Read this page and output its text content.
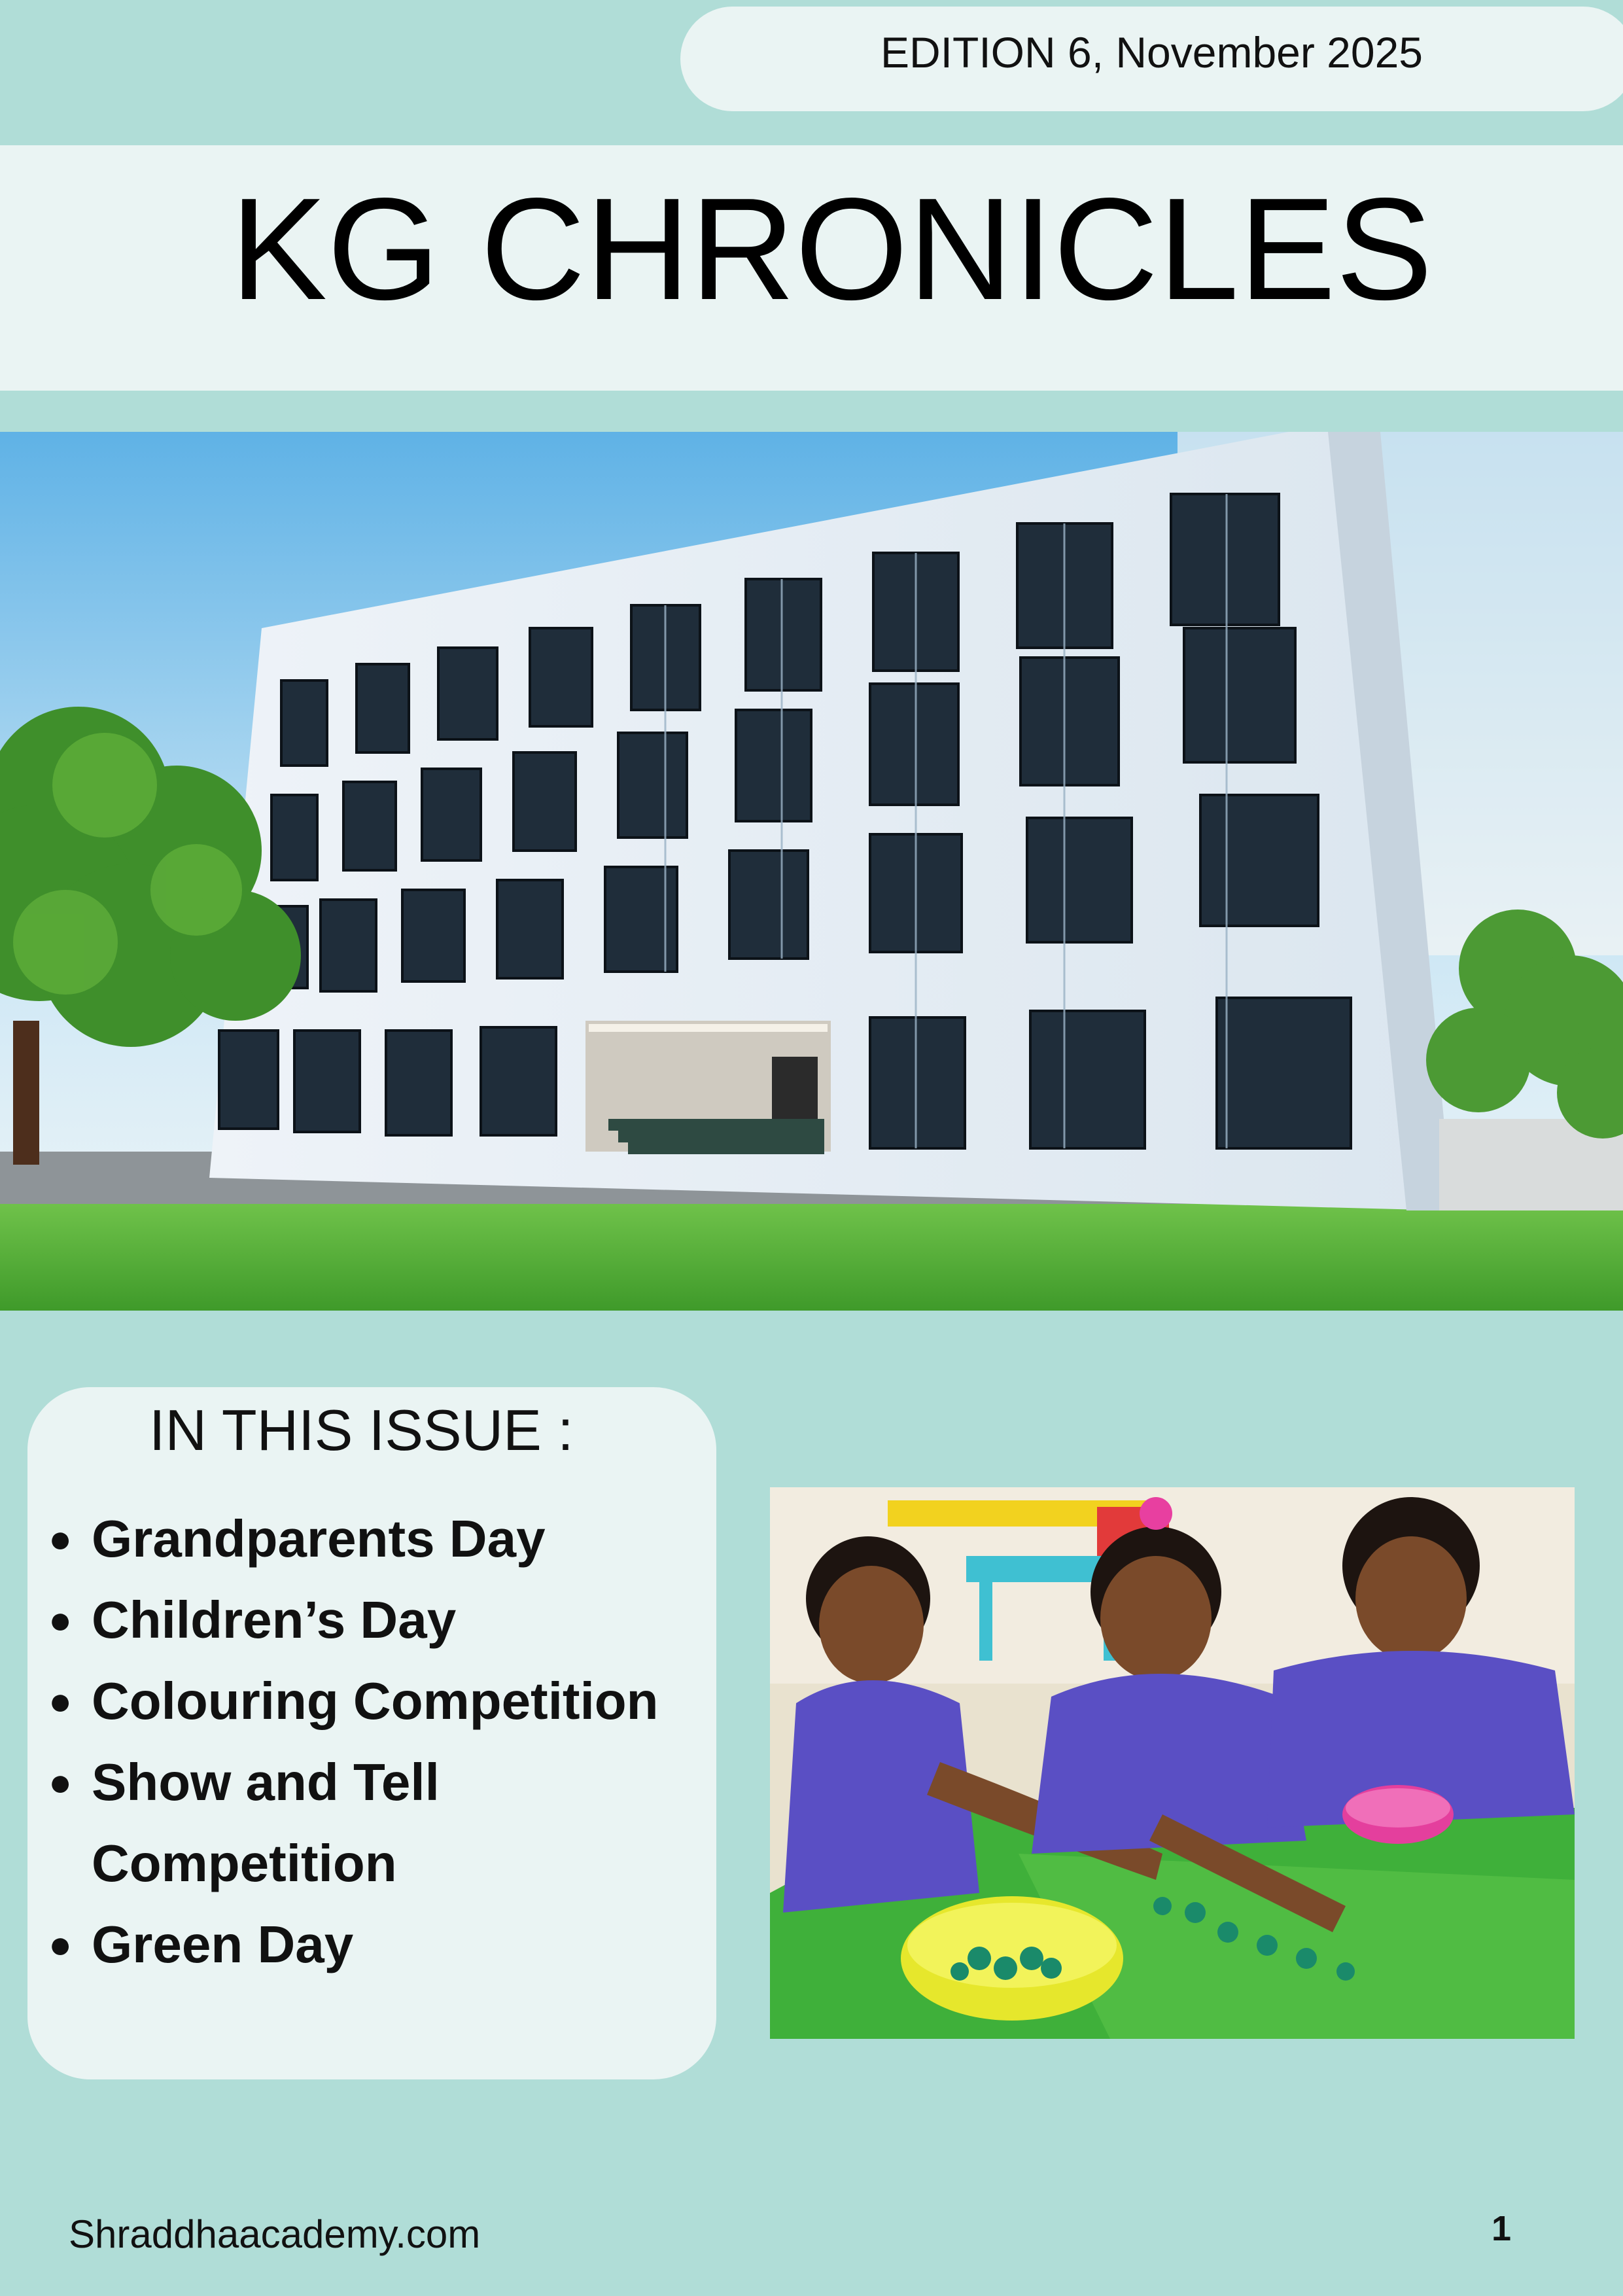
EDITION 6, November 2025
KG CHRONICLES
IN THIS ISSUE :
● Grandparents Day
● Children’s Day
● Colouring Competition
● Show and Tell
Competition
● Green Day
Shraddhaacademy.com	1
